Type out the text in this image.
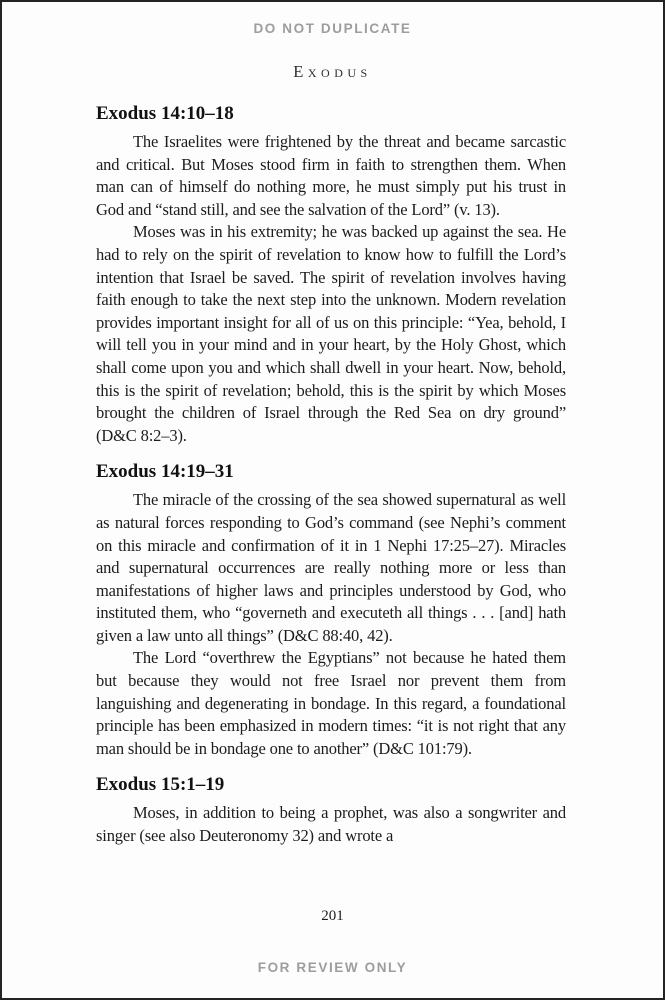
DO NOT DUPLICATE
Exodus
Exodus 14:10–18

The Israelites were frightened by the threat and became sarcastic and critical. But Moses stood firm in faith to strengthen them. When man can of himself do nothing more, he must simply put his trust in God and “stand still, and see the salvation of the Lord” (v. 13).

Moses was in his extremity; he was backed up against the sea. He had to rely on the spirit of revelation to know how to fulfill the Lord’s intention that Israel be saved. The spirit of revelation involves having faith enough to take the next step into the unknown. Modern revelation provides important insight for all of us on this principle: “Yea, behold, I will tell you in your mind and in your heart, by the Holy Ghost, which shall come upon you and which shall dwell in your heart. Now, behold, this is the spirit of revelation; behold, this is the spirit by which Moses brought the children of Israel through the Red Sea on dry ground” (D&C 8:2–3).

Exodus 14:19–31

The miracle of the crossing of the sea showed supernatural as well as natural forces responding to God’s command (see Nephi’s comment on this miracle and confirmation of it in 1 Nephi 17:25–27). Miracles and supernatural occurrences are really nothing more or less than manifestations of higher laws and principles understood by God, who instituted them, who “governeth and executeth all things . . . [and] hath given a law unto all things” (D&C 88:40, 42).

The Lord “overthrew the Egyptians” not because he hated them but because they would not free Israel nor prevent them from languishing and degenerating in bondage. In this regard, a foundational principle has been emphasized in modern times: “it is not right that any man should be in bondage one to another” (D&C 101:79).

Exodus 15:1–19

Moses, in addition to being a prophet, was also a songwriter and singer (see also Deuteronomy 32) and wrote a

201
FOR REVIEW ONLY
